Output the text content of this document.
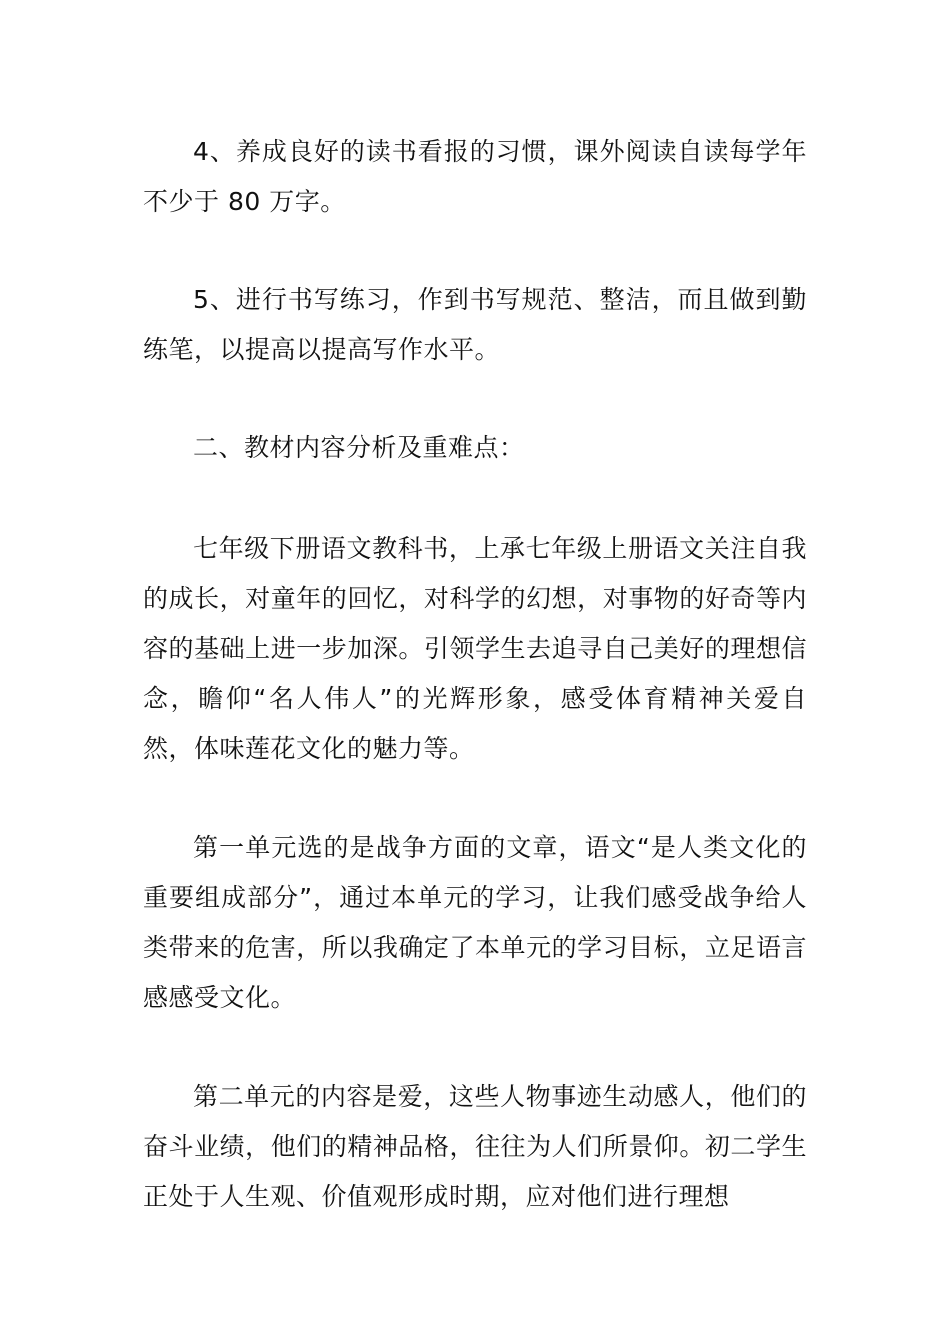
4、养成良好的读书看报的习惯，课外阅读自读每学年不少于 80 万字。

5、进行书写练习，作到书写规范、整洁，而且做到勤练笔，以提高以提高写作水平。

二、教材内容分析及重难点：

七年级下册语文教科书，上承七年级上册语文关注自我的成长，对童年的回忆，对科学的幻想，对事物的好奇等内容的基础上进一步加深。引领学生去追寻自己美好的理想信念，瞻仰“名人伟人”的光辉形象，感受体育精神关爱自然，体味莲花文化的魅力等。

第一单元选的是战争方面的文章，语文“是人类文化的重要组成部分”，通过本单元的学习，让我们感受战争给人类带来的危害，所以我确定了本单元的学习目标，立足语言感感受文化。

第二单元的内容是爱，这些人物事迹生动感人，他们的奋斗业绩，他们的精神品格，往往为人们所景仰。初二学生正处于人生观、价值观形成时期，应对他们进行理想
